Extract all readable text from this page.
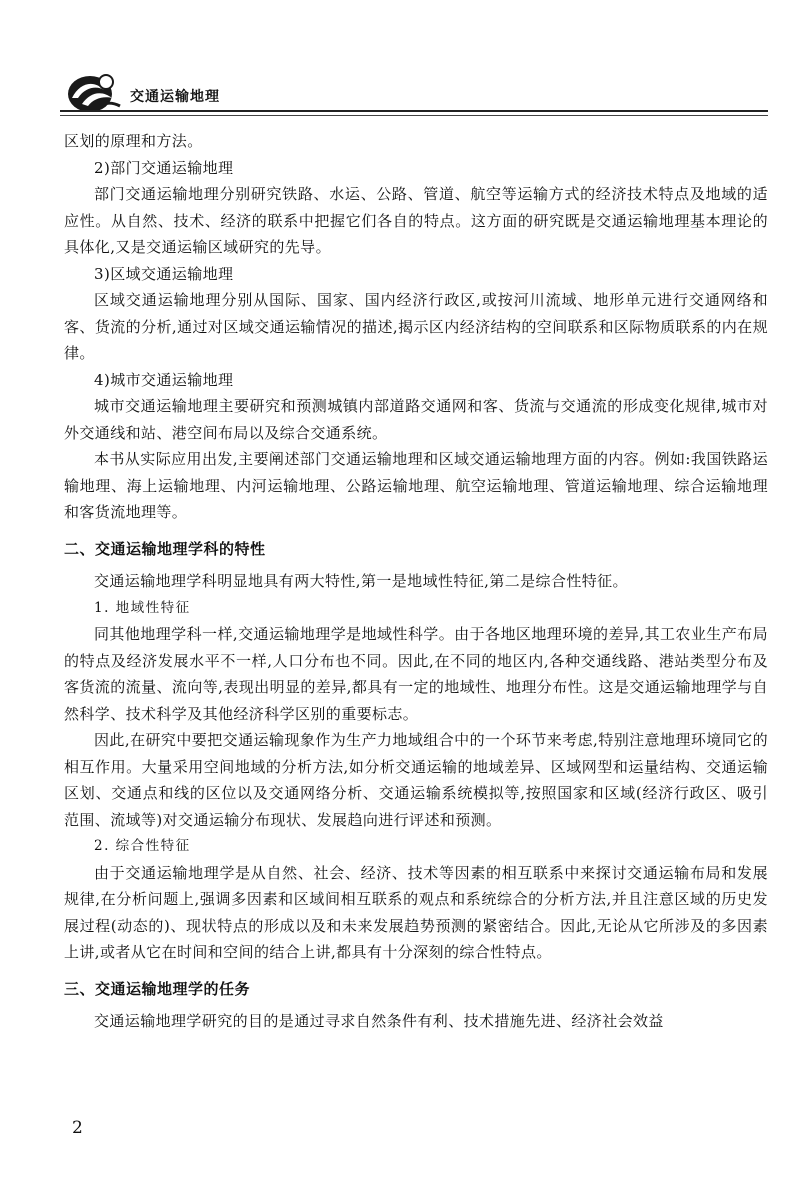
交通运输地理

区划的原理和方法。

2)部门交通运输地理

部门交通运输地理分别研究铁路、水运、公路、管道、航空等运输方式的经济技术特点及地域的适应性。从自然、技术、经济的联系中把握它们各自的特点。这方面的研究既是交通运输地理基本理论的具体化,又是交通运输区域研究的先导。

3)区域交通运输地理

区域交通运输地理分别从国际、国家、国内经济行政区,或按河川流域、地形单元进行交通网络和客、货流的分析,通过对区域交通运输情况的描述,揭示区内经济结构的空间联系和区际物质联系的内在规律。

4)城市交通运输地理

城市交通运输地理主要研究和预测城镇内部道路交通网和客、货流与交通流的形成变化规律,城市对外交通线和站、港空间布局以及综合交通系统。

本书从实际应用出发,主要阐述部门交通运输地理和区域交通运输地理方面的内容。例如:我国铁路运输地理、海上运输地理、内河运输地理、公路运输地理、航空运输地理、管道运输地理、综合运输地理和客货流地理等。

二、交通运输地理学科的特性

交通运输地理学科明显地具有两大特性,第一是地域性特征,第二是综合性特征。

1. 地域性特征

同其他地理学科一样,交通运输地理学是地域性科学。由于各地区地理环境的差异,其工农业生产布局的特点及经济发展水平不一样,人口分布也不同。因此,在不同的地区内,各种交通线路、港站类型分布及客货流的流量、流向等,表现出明显的差异,都具有一定的地域性、地理分布性。这是交通运输地理学与自然科学、技术科学及其他经济科学区别的重要标志。

因此,在研究中要把交通运输现象作为生产力地域组合中的一个环节来考虑,特别注意地理环境同它的相互作用。大量采用空间地域的分析方法,如分析交通运输的地域差异、区域网型和运量结构、交通运输区划、交通点和线的区位以及交通网络分析、交通运输系统模拟等,按照国家和区域(经济行政区、吸引范围、流域等)对交通运输分布现状、发展趋向进行评述和预测。

2. 综合性特征

由于交通运输地理学是从自然、社会、经济、技术等因素的相互联系中来探讨交通运输布局和发展规律,在分析问题上,强调多因素和区域间相互联系的观点和系统综合的分析方法,并且注意区域的历史发展过程(动态的)、现状特点的形成以及和未来发展趋势预测的紧密结合。因此,无论从它所涉及的多因素上讲,或者从它在时间和空间的结合上讲,都具有十分深刻的综合性特点。

三、交通运输地理学的任务

交通运输地理学研究的目的是通过寻求自然条件有利、技术措施先进、经济社会效益

2
